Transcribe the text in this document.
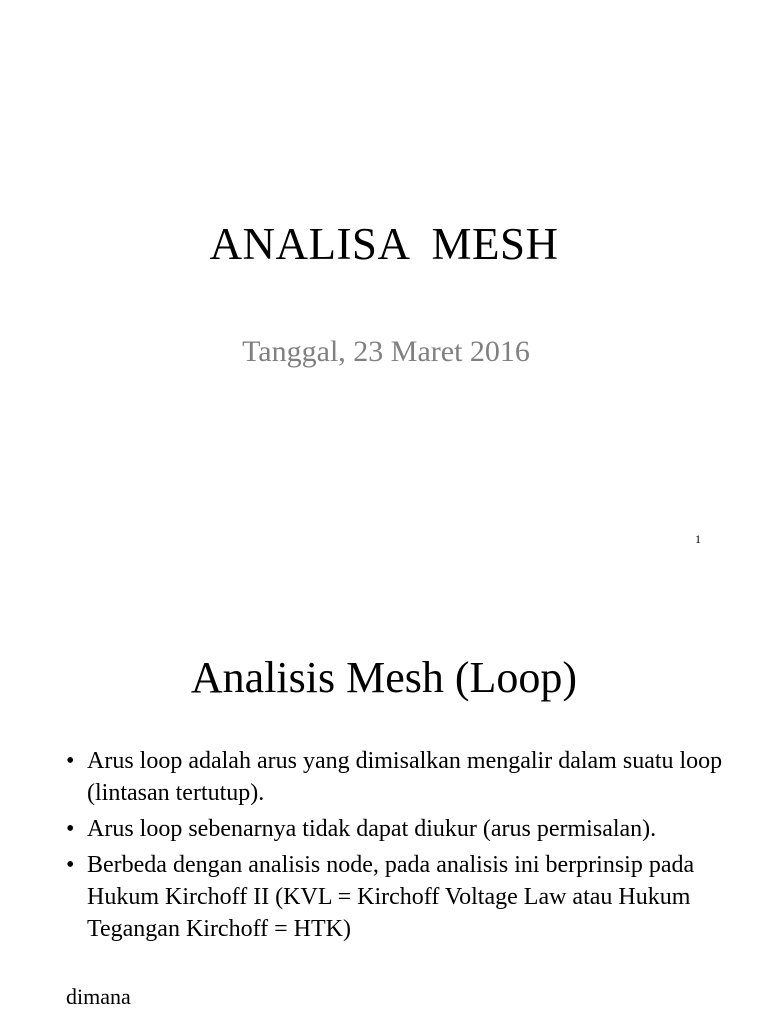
ANALISA  MESH
Tanggal, 23 Maret 2016
1
Analisis Mesh (Loop)
• Arus loop adalah arus yang dimisalkan mengalir dalam suatu loop (lintasan tertutup).
• Arus loop sebenarnya tidak dapat diukur (arus permisalan).
• Berbeda dengan analisis node, pada analisis ini berprinsip pada Hukum Kirchoff II (KVL = Kirchoff Voltage Law atau Hukum Tegangan Kirchoff = HTK)
dimana
